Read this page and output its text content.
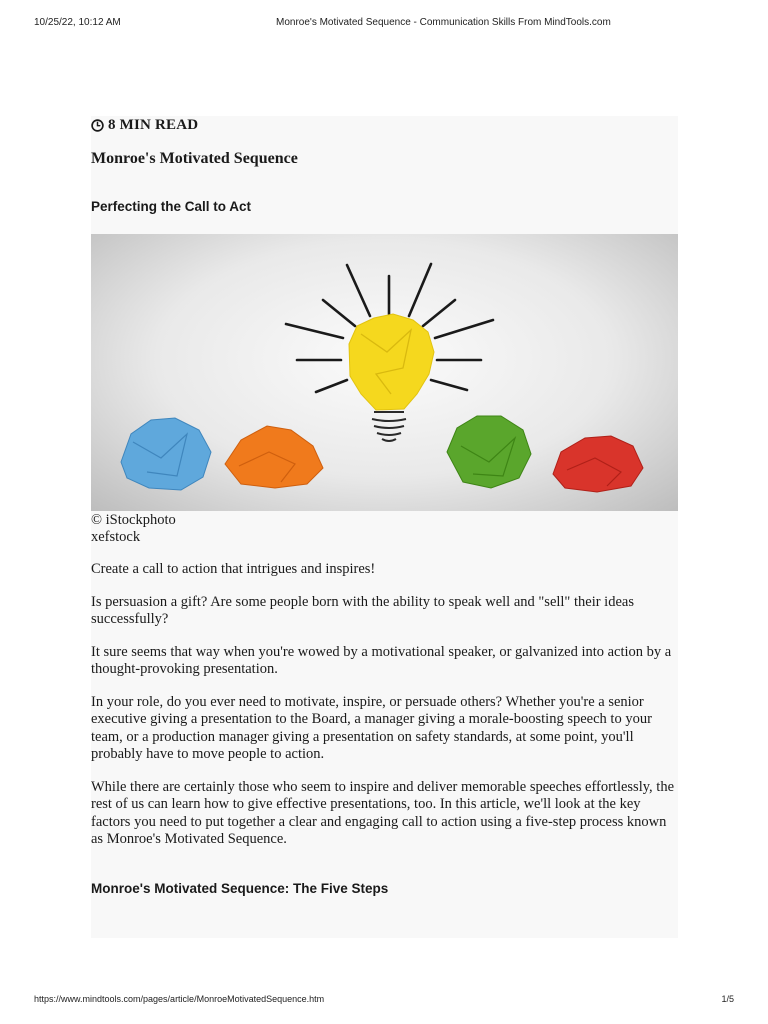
10/25/22, 10:12 AM	Monroe's Motivated Sequence - Communication Skills From MindTools.com
8 MIN READ
Monroe's Motivated Sequence
Perfecting the Call to Act
© iStockphoto
xefstock

Create a call to action that intrigues and inspires!

Is persuasion a gift? Are some people born with the ability to speak well and "sell" their ideas successfully?

It sure seems that way when you're wowed by a motivational speaker, or galvanized into action by a thought-provoking presentation.

In your role, do you ever need to motivate, inspire, or persuade others? Whether you're a senior executive giving a presentation to the Board, a manager giving a morale-boosting speech to your team, or a production manager giving a presentation on safety standards, at some point, you'll probably have to move people to action.

While there are certainly those who seem to inspire and deliver memorable speeches effortlessly, the rest of us can learn how to give effective presentations, too. In this article, we'll look at the key factors you need to put together a clear and engaging call to action using a five-step process known as Monroe's Motivated Sequence.

Monroe's Motivated Sequence: The Five Steps
https://www.mindtools.com/pages/article/MonroeMotivatedSequence.htm	1/5
